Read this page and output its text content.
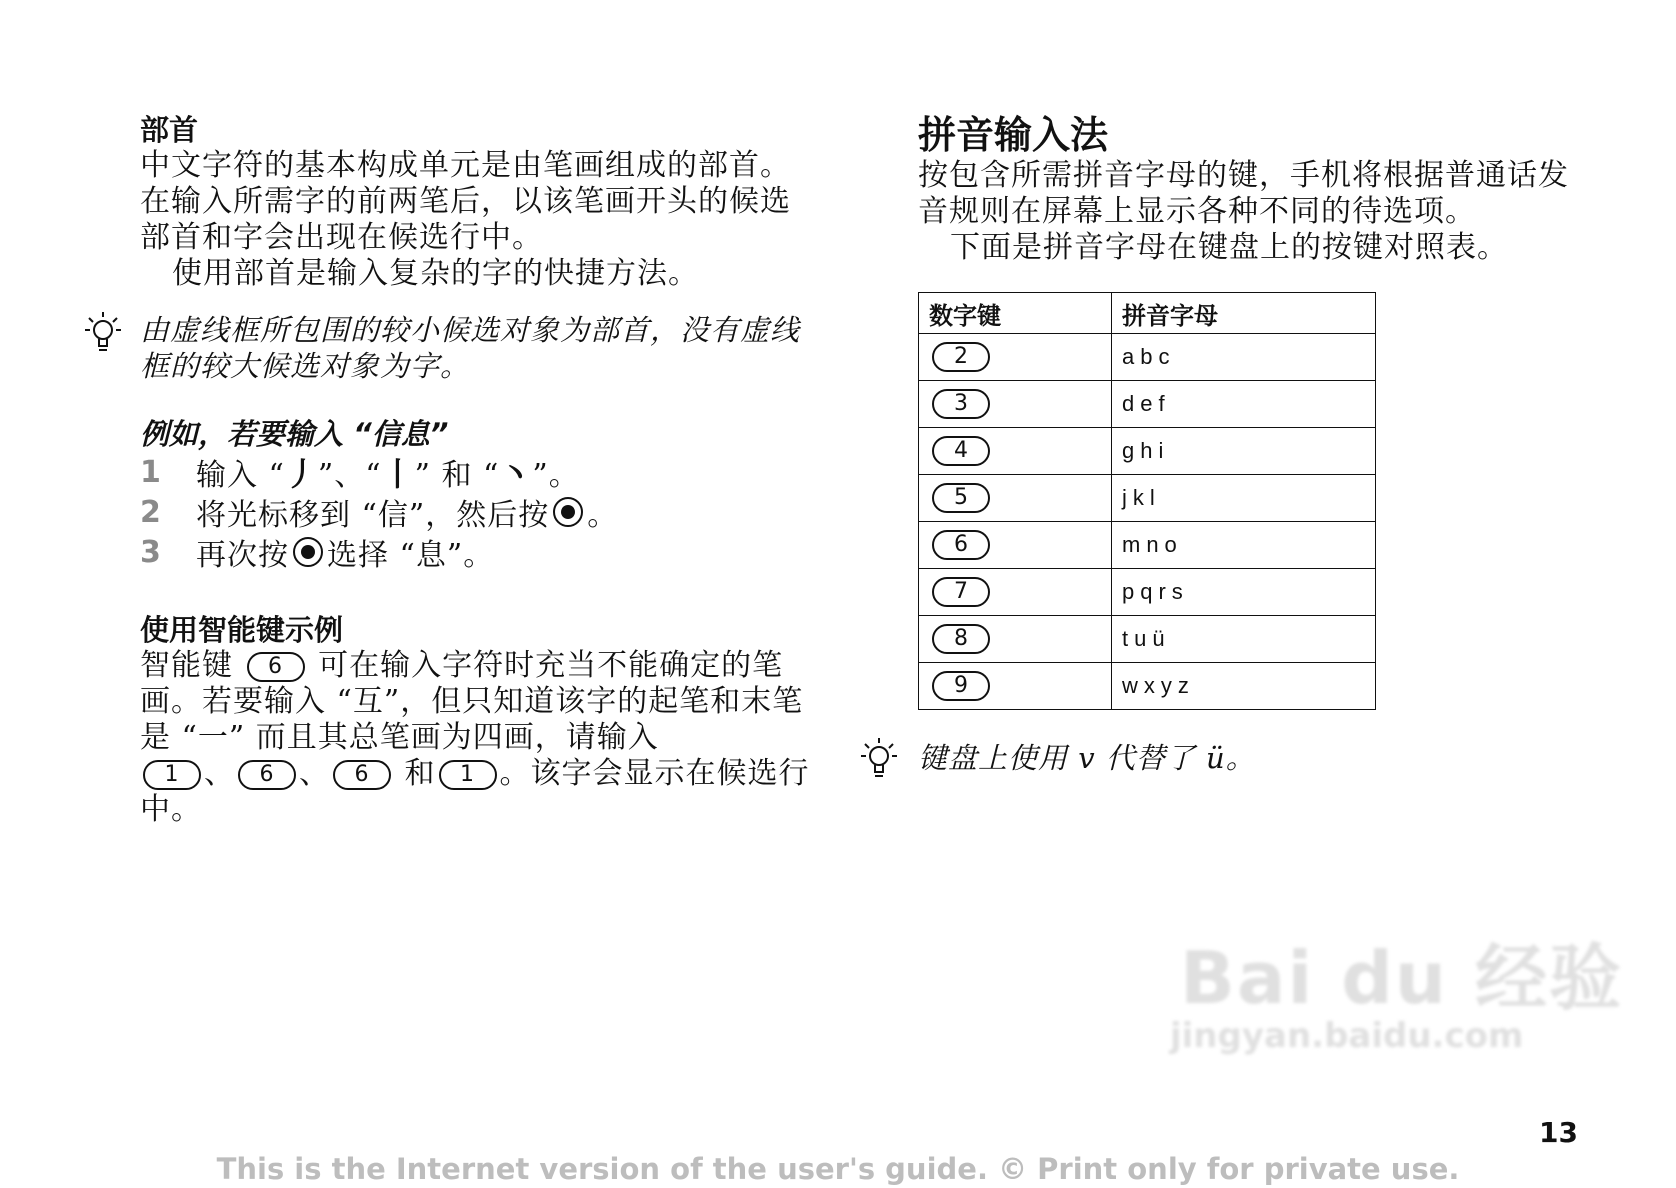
部首

中文字符的基本构成单元是由笔画组成的部首。在输入所需字的前两笔后，以该笔画开头的候选部首和字会出现在候选行中。

使用部首是输入复杂的字的快捷方法。

由虚线框所包围的较小候选对象为部首，没有虚线框的较大候选对象为字。
例如，若要输入 “信息”
1	输入 “ 丿 ”、“ 丨 ” 和 “ 丶 ”。
2	将光标移到 “信”，然后按 。
3	再次按 选择 “息”。
使用智能键示例

智能键 6 可在输入字符时充当不能确定的笔画。若要输入 “互”，但只知道该字的起笔和末笔是 “一” 而且其总笔画为四画，请输入
1 、 6 、 6 和 1 。该字会显示在候选行中。

拼音输入法

按包含所需拼音字母的键，手机将根据普通话发音规则在屏幕上显示各种不同的待选项。

下面是拼音字母在键盘上的按键对照表。

数字键	拼音字母
2	abc
3	def
4	ghi
5	jkl
6	mno
7	pqrs
8	tuü
9	wxyz
键盘上使用 v 代替了 ü。
Bai du 经验
jingyan.baidu.com
13
This is the Internet version of the user's guide. © Print only for private use.
